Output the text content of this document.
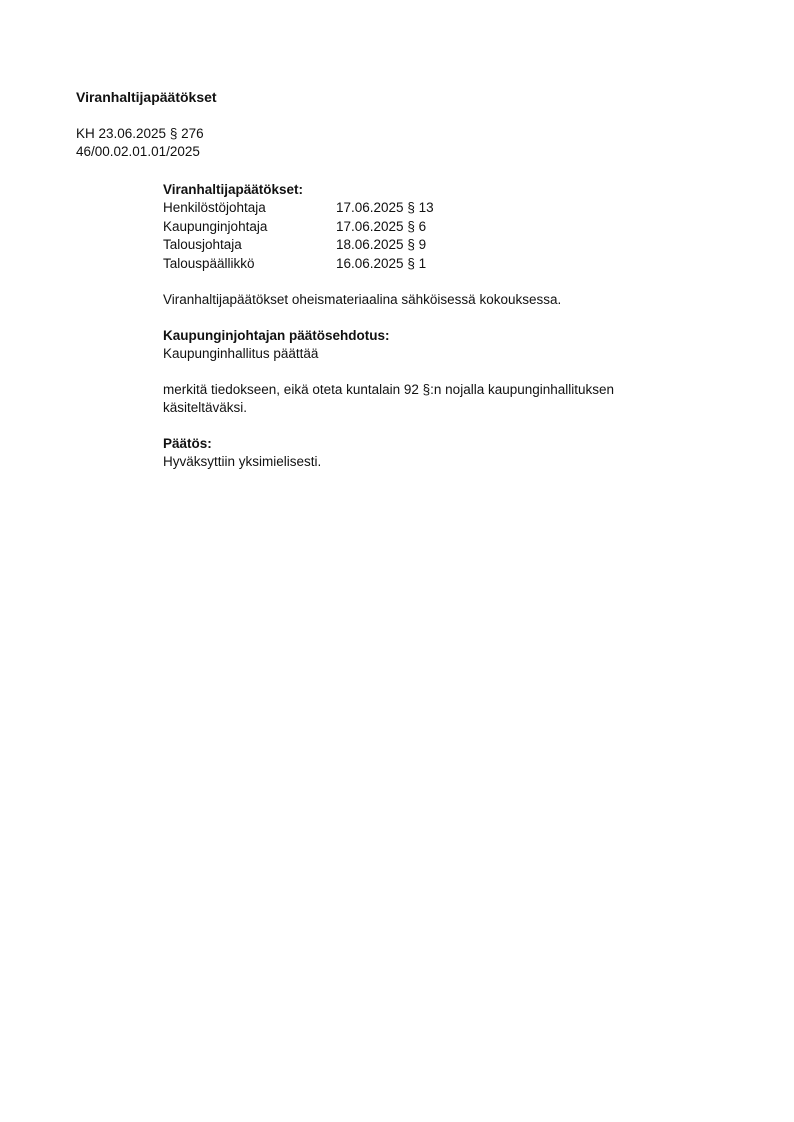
Viranhaltijapäätökset
KH 23.06.2025 § 276
46/00.02.01.01/2025
Viranhaltijapäätökset:
Henkilöstöjohtaja	17.06.2025 § 13
Kaupunginjohtaja	17.06.2025 § 6
Talousjohtaja	18.06.2025 § 9
Talouspäällikkö	16.06.2025 § 1
Viranhaltijapäätökset oheismateriaalina sähköisessä kokouksessa.
Kaupunginjohtajan päätösehdotus:
Kaupunginhallitus päättää
merkitä tiedokseen, eikä oteta kuntalain 92 §:n nojalla kaupunginhallituksen käsiteltäväksi.
Päätös:
Hyväksyttiin yksimielisesti.
